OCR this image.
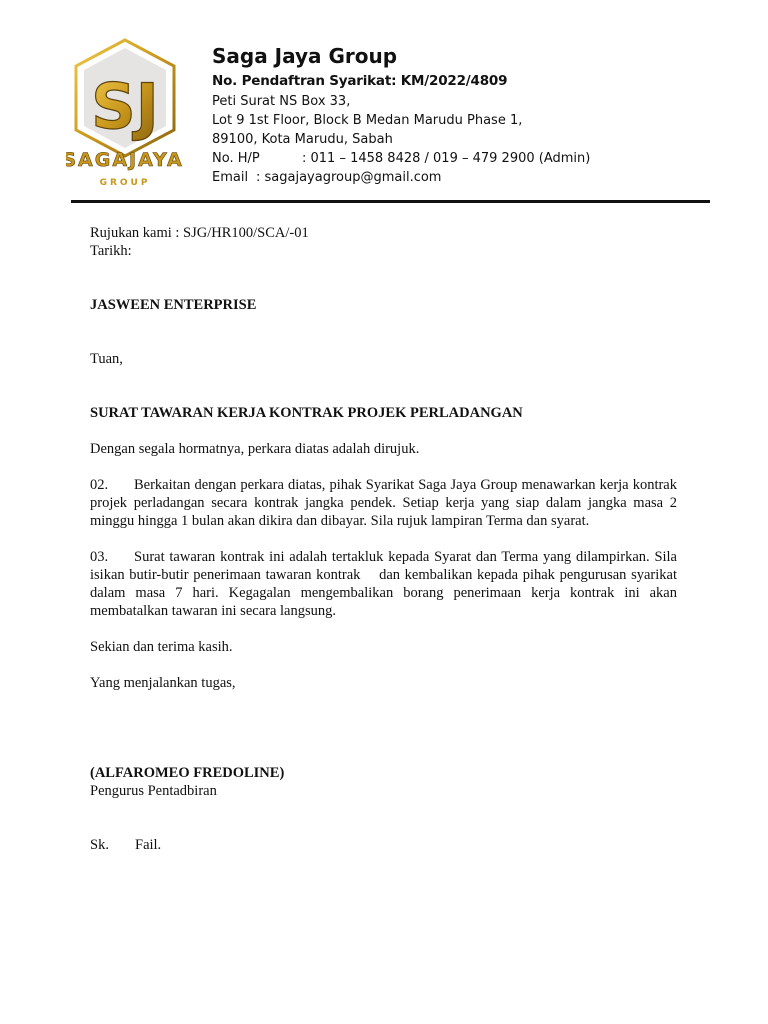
SJ
SAGAJAYA
GROUP
Saga Jaya Group
No. Pendaftran Syarikat: KM/2022/4809
Peti Surat NS Box 33,
Lot 9 1st Floor, Block B Medan Marudu Phase 1,
89100, Kota Marudu, Sabah
No. H/P	: 011 – 1458 8428 / 019 – 479 2900 (Admin)
Email : sagajayagroup@gmail.com

Rujukan kami : SJG/HR100/SCA/-01

Tarikh:

JASWEEN ENTERPRISE

Tuan,

SURAT TAWARAN KERJA KONTRAK PROJEK PERLADANGAN

Dengan segala hormatnya, perkara diatas adalah dirujuk.

02. Berkaitan dengan perkara diatas, pihak Syarikat Saga Jaya Group menawarkan kerja kontrak projek perladangan secara kontrak jangka pendek. Setiap kerja yang siap dalam jangka masa 2 minggu hingga 1 bulan akan dikira dan dibayar. Sila rujuk lampiran Terma dan syarat.

03. Surat tawaran kontrak ini adalah tertakluk kepada Syarat dan Terma yang dilampirkan. Sila isikan butir-butir penerimaan tawaran kontrak    dan kembalikan kepada pihak pengurusan syarikat dalam masa 7 hari. Kegagalan mengembalikan borang penerimaan kerja kontrak ini akan membatalkan tawaran ini secara langsung.

Sekian dan terima kasih.

Yang menjalankan tugas,

(ALFAROMEO FREDOLINE)

Pengurus Pentadbiran

Sk. Fail.
